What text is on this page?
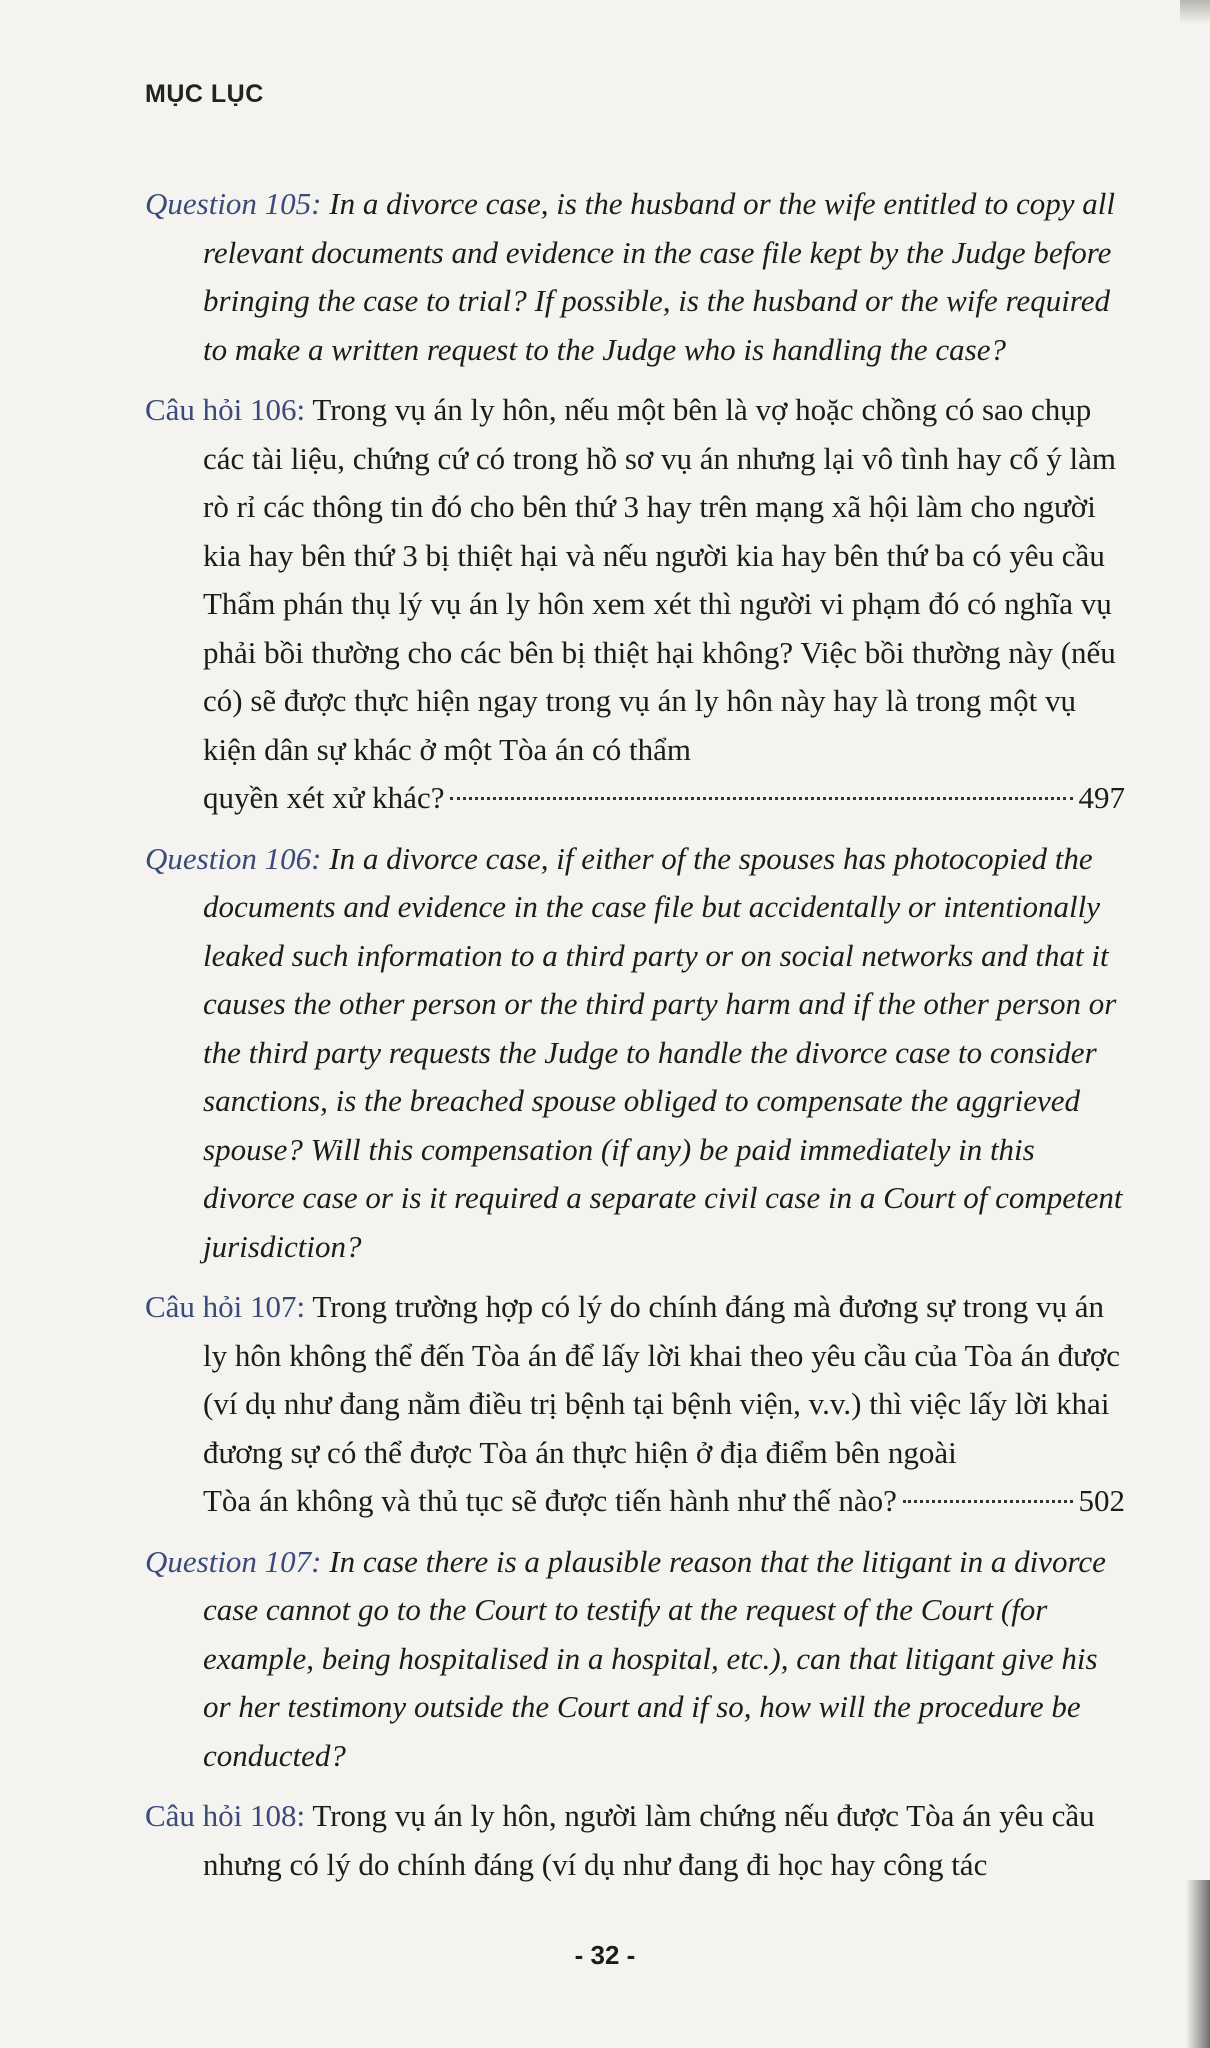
MỤC LỤC
Question 105: In a divorce case, is the husband or the wife entitled to copy all relevant documents and evidence in the case file kept by the Judge before bringing the case to trial? If possible, is the husband or the wife required to make a written request to the Judge who is handling the case?
Câu hỏi 106: Trong vụ án ly hôn, nếu một bên là vợ hoặc chồng có sao chụp các tài liệu, chứng cứ có trong hồ sơ vụ án nhưng lại vô tình hay cố ý làm rò rỉ các thông tin đó cho bên thứ 3 hay trên mạng xã hội làm cho người kia hay bên thứ 3 bị thiệt hại và nếu người kia hay bên thứ ba có yêu cầu Thẩm phán thụ lý vụ án ly hôn xem xét thì người vi phạm đó có nghĩa vụ phải bồi thường cho các bên bị thiệt hại không? Việc bồi thường này (nếu có) sẽ được thực hiện ngay trong vụ án ly hôn này hay là trong một vụ kiện dân sự khác ở một Tòa án có thẩm
quyền xét xử khác?	497
Question 106: In a divorce case, if either of the spouses has photocopied the documents and evidence in the case file but accidentally or intentionally leaked such information to a third party or on social networks and that it causes the other person or the third party harm and if the other person or the third party requests the Judge to handle the divorce case to consider sanctions, is the breached spouse obliged to compensate the aggrieved spouse? Will this compensation (if any) be paid immediately in this divorce case or is it required a separate civil case in a Court of competent jurisdiction?
Câu hỏi 107: Trong trường hợp có lý do chính đáng mà đương sự trong vụ án ly hôn không thể đến Tòa án để lấy lời khai theo yêu cầu của Tòa án được (ví dụ như đang nằm điều trị bệnh tại bệnh viện, v.v.) thì việc lấy lời khai đương sự có thể được Tòa án thực hiện ở địa điểm bên ngoài
Tòa án không và thủ tục sẽ được tiến hành như thế nào?	502
Question 107: In case there is a plausible reason that the litigant in a divorce case cannot go to the Court to testify at the request of the Court (for example, being hospitalised in a hospital, etc.), can that litigant give his or her testimony outside the Court and if so, how will the procedure be conducted?
Câu hỏi 108: Trong vụ án ly hôn, người làm chứng nếu được Tòa án yêu cầu nhưng có lý do chính đáng (ví dụ như đang đi học hay công tác
- 32 -
